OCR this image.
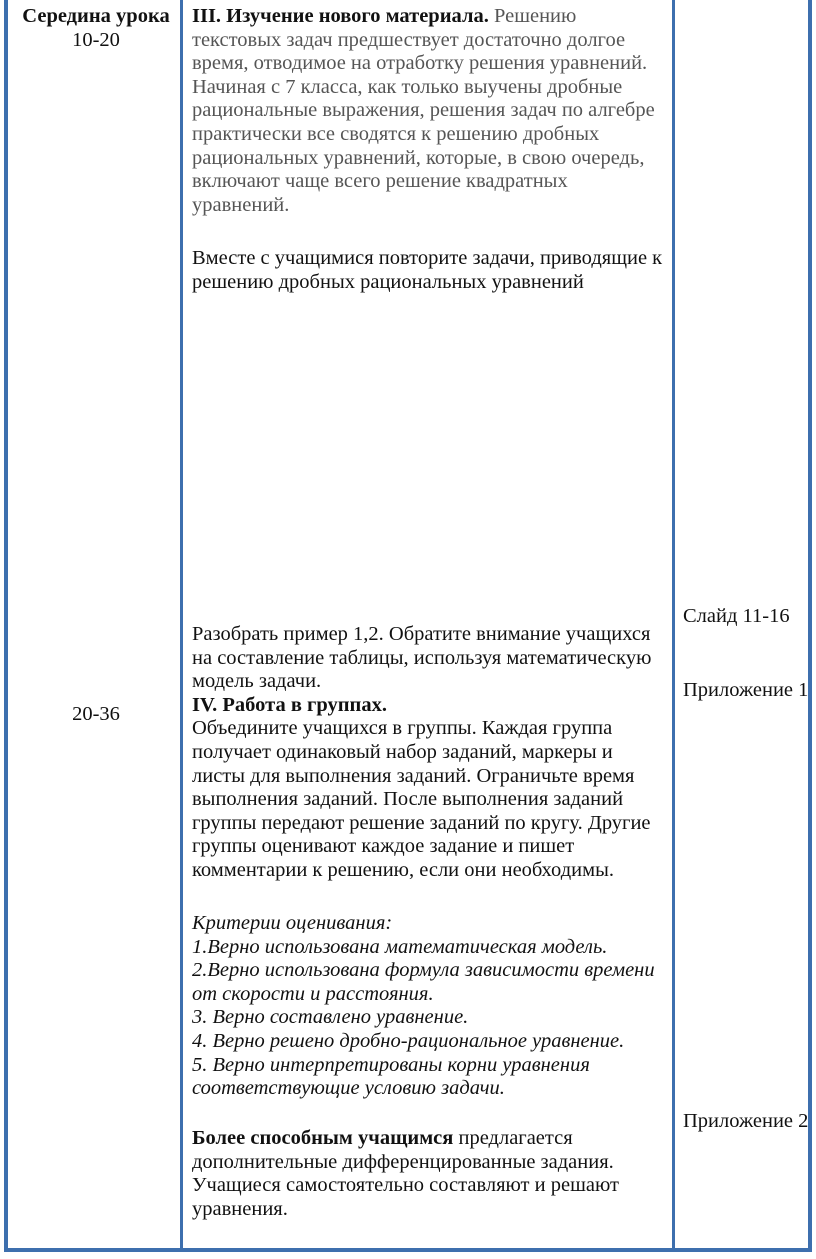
Середина урока
10-20
20-36

III. Изучение нового материала. Решению текстовых задач предшествует достаточно долгое время, отводимое на отработку решения уравнений. Начиная с 7 класса, как только выучены дробные рациональные выражения, решения задач по алгебре практически все сводятся к решению дробных рациональных уравнений, которые, в свою очередь, включают чаще всего решение квадратных уравнений.

Вместе с учащимися повторите задачи, приводящие к решению дробных рациональных уравнений

Разобрать пример 1,2. Обратите внимание учащихся на составление таблицы, используя математическую модель задачи.

IV. Работа в группах.

Объедините учащихся в группы. Каждая группа получает одинаковый набор заданий, маркеры и листы для выполнения заданий. Ограничьте время выполнения заданий. После выполнения заданий группы передают решение заданий по кругу. Другие группы оценивают каждое задание и пишет комментарии к решению, если они необходимы.

Критерии оценивания:

1.Верно использована математическая модель.

2.Верно использована формула зависимости времени от скорости и расстояния.

3. Верно составлено уравнение.

4. Верно решено дробно-рациональное уравнение.

5. Верно интерпретированы корни уравнения соответствующие условию задачи.

Более способным учащимся предлагается дополнительные дифференцированные задания. Учащиеся самостоятельно составляют и решают уравнения.

Слайд 11-16
Приложение 1
Приложение 2
